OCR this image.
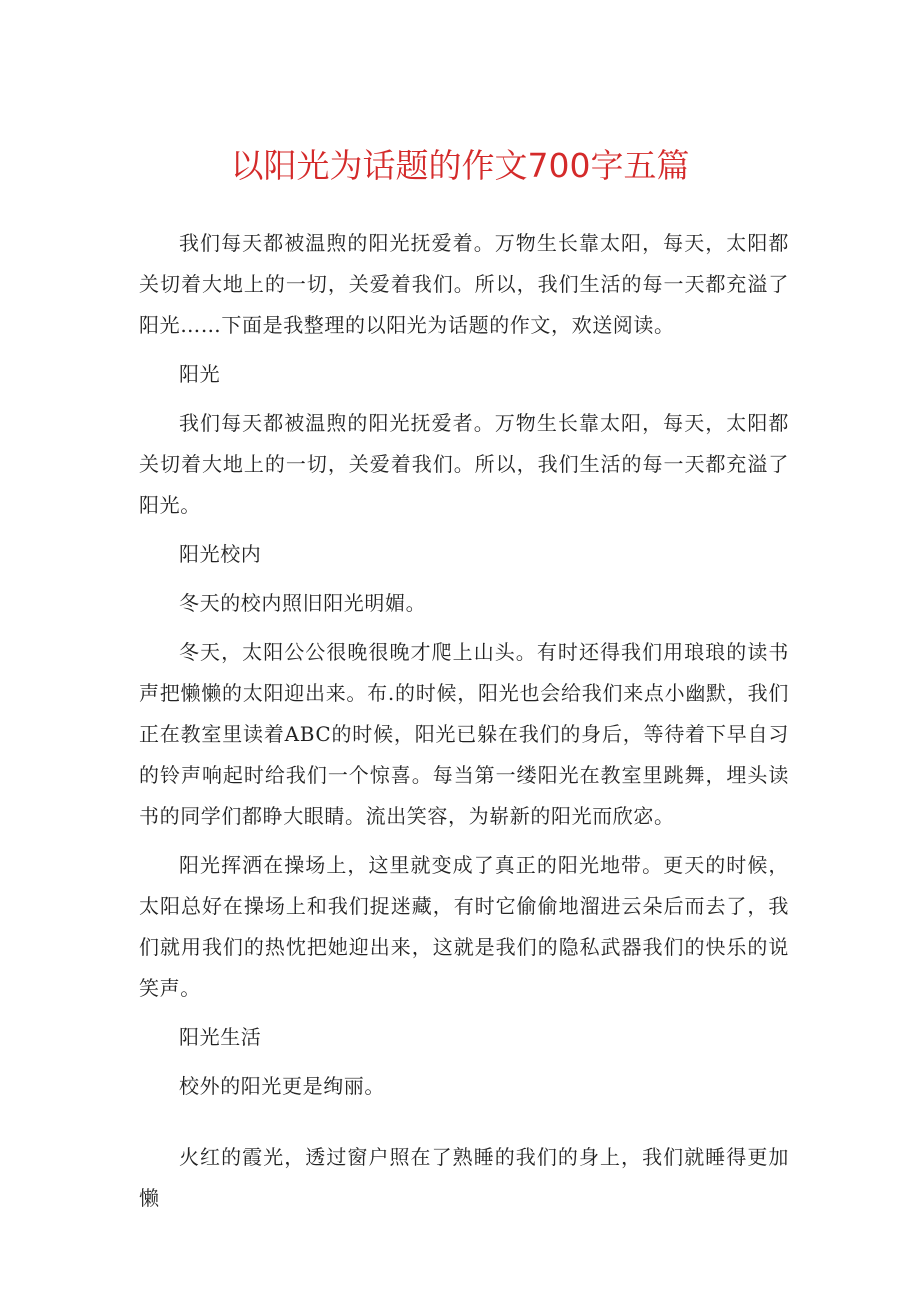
以阳光为话题的作文700字五篇

我们每天都被温煦的阳光抚爱着。万物生长靠太阳，每天，太阳都关切着大地上的一切，关爱着我们。所以，我们生活的每一天都充溢了阳光……下面是我整理的以阳光为话题的作文，欢送阅读。

阳光

我们每天都被温煦的阳光抚爱者。万物生长靠太阳，每天，太阳都关切着大地上的一切，关爱着我们。所以，我们生活的每一天都充溢了阳光。

阳光校内

冬天的校内照旧阳光明媚。

冬天，太阳公公很晚很晚才爬上山头。有时还得我们用琅琅的读书声把懒懒的太阳迎出来。布.的时候，阳光也会给我们来点小幽默，我们正在教室里读着ABC的时候，阳光已躲在我们的身后，等待着下早自习的铃声响起时给我们一个惊喜。每当第一缕阳光在教室里跳舞，埋头读书的同学们都睁大眼睛。流出笑容，为崭新的阳光而欣宓。

阳光挥洒在操场上，这里就变成了真正的阳光地带。更天的时候，太阳总好在操场上和我们捉迷藏，有时它偷偷地溜进云朵后而去了，我们就用我们的热忱把她迎出来，这就是我们的隐私武器我们的快乐的说笑声。

阳光生活

校外的阳光更是绚丽。

火红的霞光，透过窗户照在了熟睡的我们的身上，我们就睡得更加懒
